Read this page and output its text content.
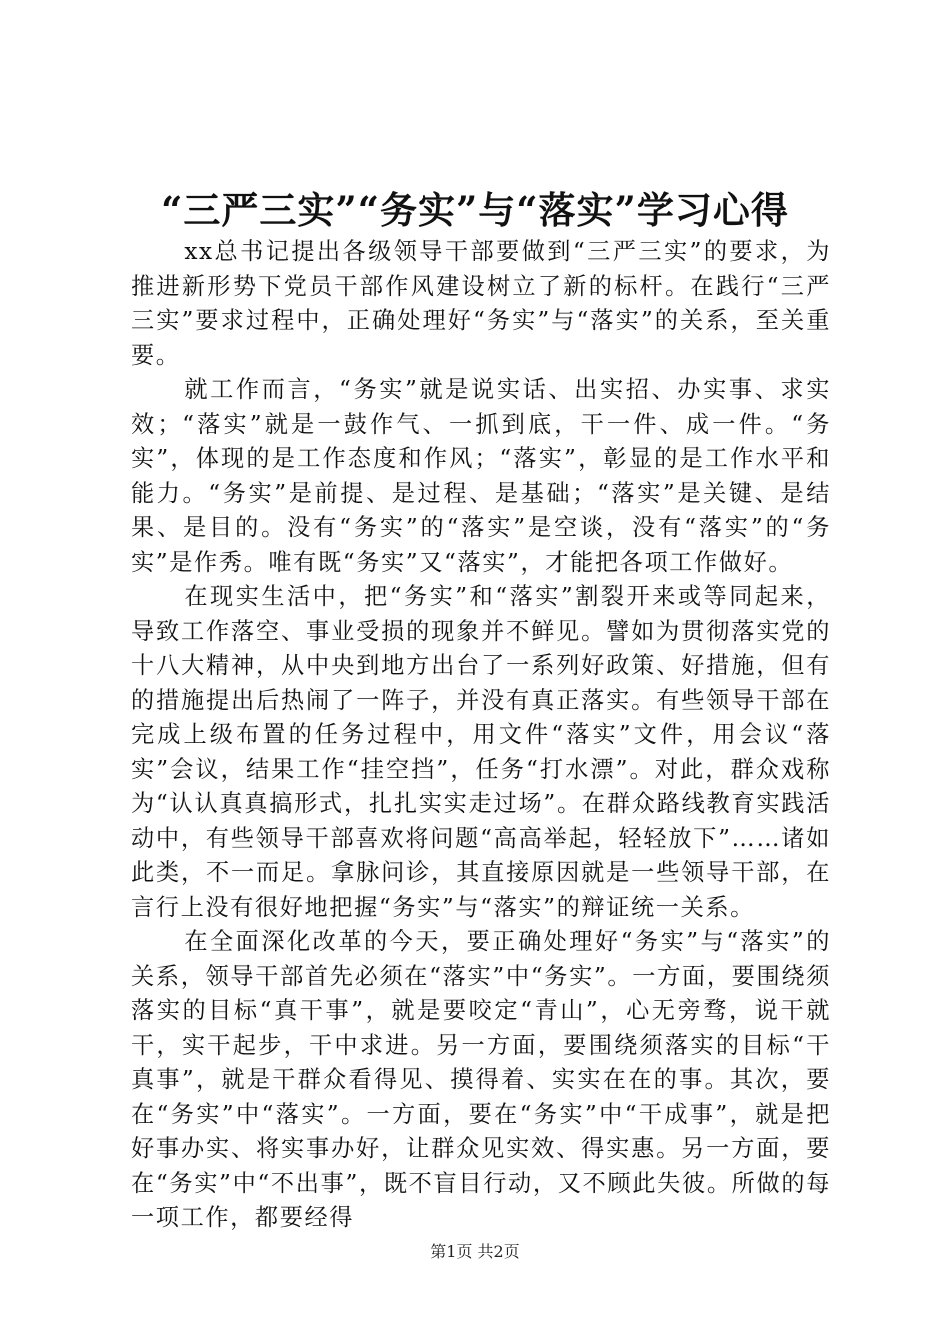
“三严三实”“务实”与“落实”学习心得

xx总书记提出各级领导干部要做到“三严三实”的要求，为推进新形势下党员干部作风建设树立了新的标杆。在践行“三严三实”要求过程中，正确处理好“务实”与“落实”的关系，至关重要。

就工作而言，“务实”就是说实话、出实招、办实事、求实效；“落实”就是一鼓作气、一抓到底，干一件、成一件。“务实”，体现的是工作态度和作风；“落实”，彰显的是工作水平和能力。“务实”是前提、是过程、是基础；“落实”是关键、是结果、是目的。没有“务实”的“落实”是空谈，没有“落实”的“务实”是作秀。唯有既“务实”又“落实”，才能把各项工作做好。

在现实生活中，把“务实”和“落实”割裂开来或等同起来，导致工作落空、事业受损的现象并不鲜见。譬如为贯彻落实党的十八大精神，从中央到地方出台了一系列好政策、好措施，但有的措施提出后热闹了一阵子，并没有真正落实。有些领导干部在完成上级布置的任务过程中，用文件“落实”文件，用会议“落实”会议，结果工作“挂空挡”，任务“打水漂”。对此，群众戏称为“认认真真搞形式，扎扎实实走过场”。在群众路线教育实践活动中，有些领导干部喜欢将问题“高高举起，轻轻放下”……诸如此类，不一而足。拿脉问诊，其直接原因就是一些领导干部，在言行上没有很好地把握“务实”与“落实”的辩证统一关系。

在全面深化改革的今天，要正确处理好“务实”与“落实”的关系，领导干部首先必须在“落实”中“务实”。一方面，要围绕须落实的目标“真干事”，就是要咬定“青山”，心无旁骛，说干就干，实干起步，干中求进。另一方面，要围绕须落实的目标“干真事”，就是干群众看得见、摸得着、实实在在的事。其次，要在“务实”中“落实”。一方面，要在“务实”中“干成事”，就是把好事办实、将实事办好，让群众见实效、得实惠。另一方面，要在“务实”中“不出事”，既不盲目行动，又不顾此失彼。所做的每一项工作，都要经得

第1页 共2页
